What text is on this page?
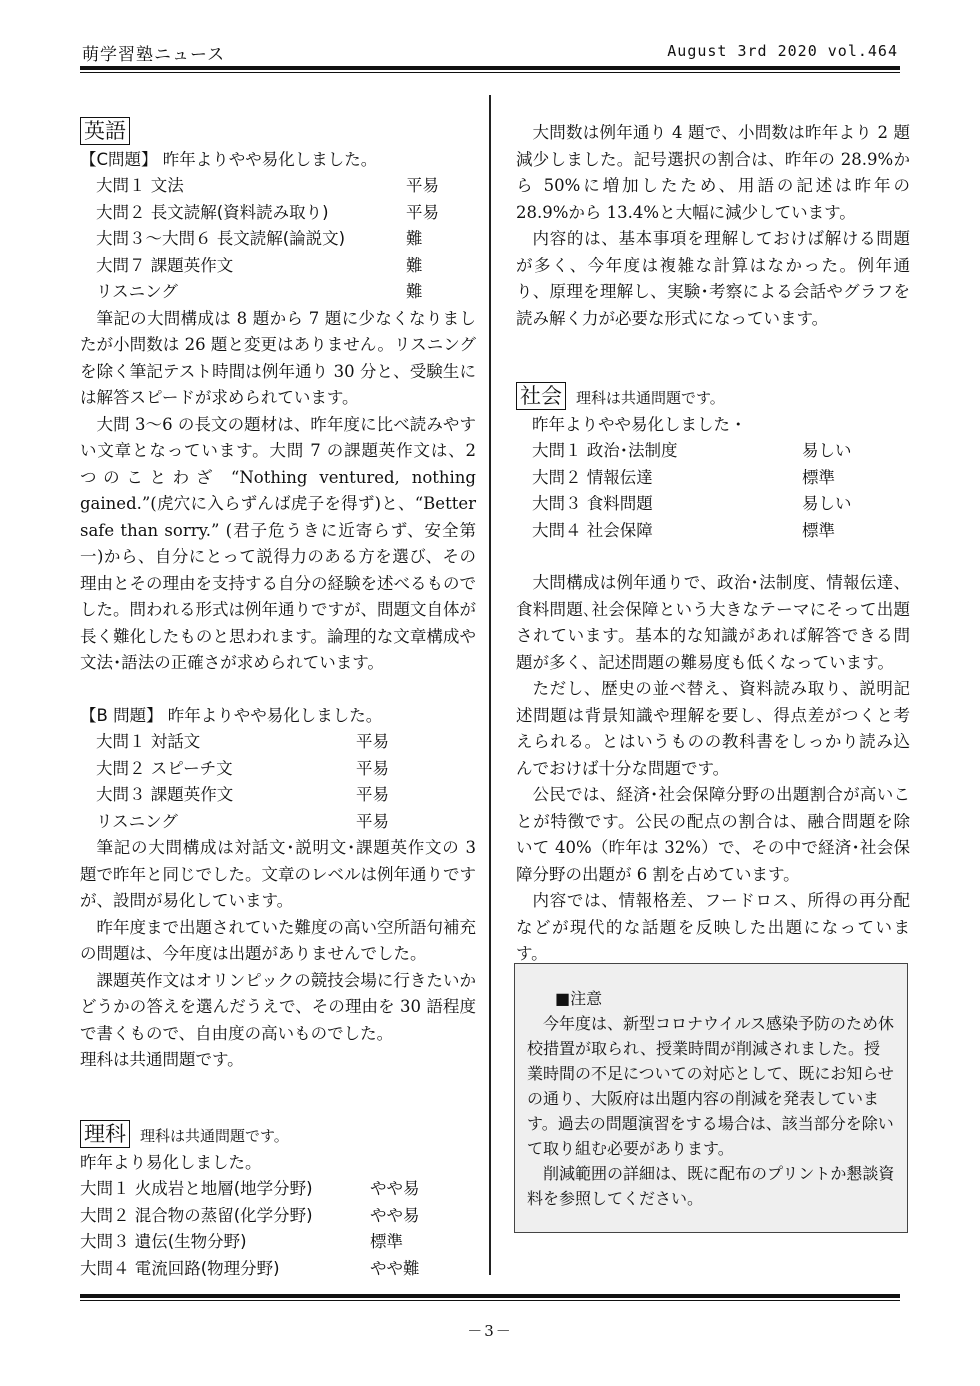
萌学習塾ニュース	August 3rd 2020 vol.464
英語
【C問題】 昨年よりやや易化しました。
大問１ 文法	平易
大問２ 長文読解(資料読み取り)	平易
大問３～大問６ 長文読解(論説文)	難
大問７ 課題英作文	難
リスニング	難

筆記の大問構成は 8 題から 7 題に少なくなりましたが小問数は 26 題と変更はありません。リスニングを除く筆記テスト時間は例年通り 30 分と、受験生には解答スピードが求められています。

大問 3～6 の長文の題材は、昨年度に比べ読みやすい文章となっています。大問 7 の課題英作文は、2 つのことわざ “Nothing ventured, nothing gained.”(虎穴に入らずんば虎子を得ず)と、“Better safe than sorry.” (君子危うきに近寄らず、安全第一)から、自分にとって説得力のある方を選び、その理由とその理由を支持する自分の経験を述べるものでした。問われる形式は例年通りですが、問題文自体が長く難化したものと思われます。論理的な文章構成や文法･語法の正確さが求められています。

【B 問題】 昨年よりやや易化しました。
大問１ 対話文	平易
大問２ スピーチ文	平易
大問３ 課題英作文	平易
リスニング	平易

筆記の大問構成は対話文･説明文･課題英作文の 3 題で昨年と同じでした。文章のレベルは例年通りですが、設問が易化しています。

昨年度まで出題されていた難度の高い空所語句補充の問題は、今年度は出題がありませんでした。

課題英作文はオリンピックの競技会場に行きたいかどうかの答えを選んだうえで、その理由を 30 語程度で書くもので、自由度の高いものでした。

理科は共通問題です。

理科 理科は共通問題です。
昨年より易化しました。
大問１ 火成岩と地層(地学分野)	やや易
大問２ 混合物の蒸留(化学分野)	やや易
大問３ 遺伝(生物分野)	標準
大問４ 電流回路(物理分野)	やや難

大問数は例年通り 4 題で、小問数は昨年より 2 題減少しました。記号選択の割合は、昨年の 28.9%から 50%に増加したため、用語の記述は昨年の 28.9%から 13.4%と大幅に減少しています。

内容的は、基本事項を理解しておけば解ける問題が多く、今年度は複雑な計算はなかった。例年通り、原理を理解し、実験･考察による会話やグラフを読み解く力が必要な形式になっています。

社会 理科は共通問題です。
昨年よりやや易化しました・
大問１ 政治･法制度	易しい
大問２ 情報伝達	標準
大問３ 食料問題	易しい
大問４ 社会保障	標準

大問構成は例年通りで、政治･法制度、情報伝達、食料問題､社会保障という大きなテーマにそって出題されています。基本的な知識があれば解答できる問題が多く、記述問題の難易度も低くなっています。

ただし、歴史の並べ替え、資料読み取り、説明記述問題は背景知識や理解を要し、得点差がつくと考えられる。とはいうものの教科書をしっかり読み込んでおけば十分な問題です。

公民では、経済･社会保障分野の出題割合が高いことが特徴です。公民の配点の割合は、融合問題を除いて 40%（昨年は 32%）で、その中で経済･社会保障分野の出題が 6 割を占めています。

内容では、情報格差、フードロス、所得の再分配などが現代的な話題を反映した出題になっています。

■注意

今年度は、新型コロナウイルス感染予防のため休校措置が取られ、授業時間が削減されました。授業時間の不足についての対応として、既にお知らせの通り、大阪府は出題内容の削減を発表しています。過去の問題演習をする場合は、該当部分を除いて取り組む必要があります。

削減範囲の詳細は、既に配布のプリントか懇談資料を参照してください。

－3－
